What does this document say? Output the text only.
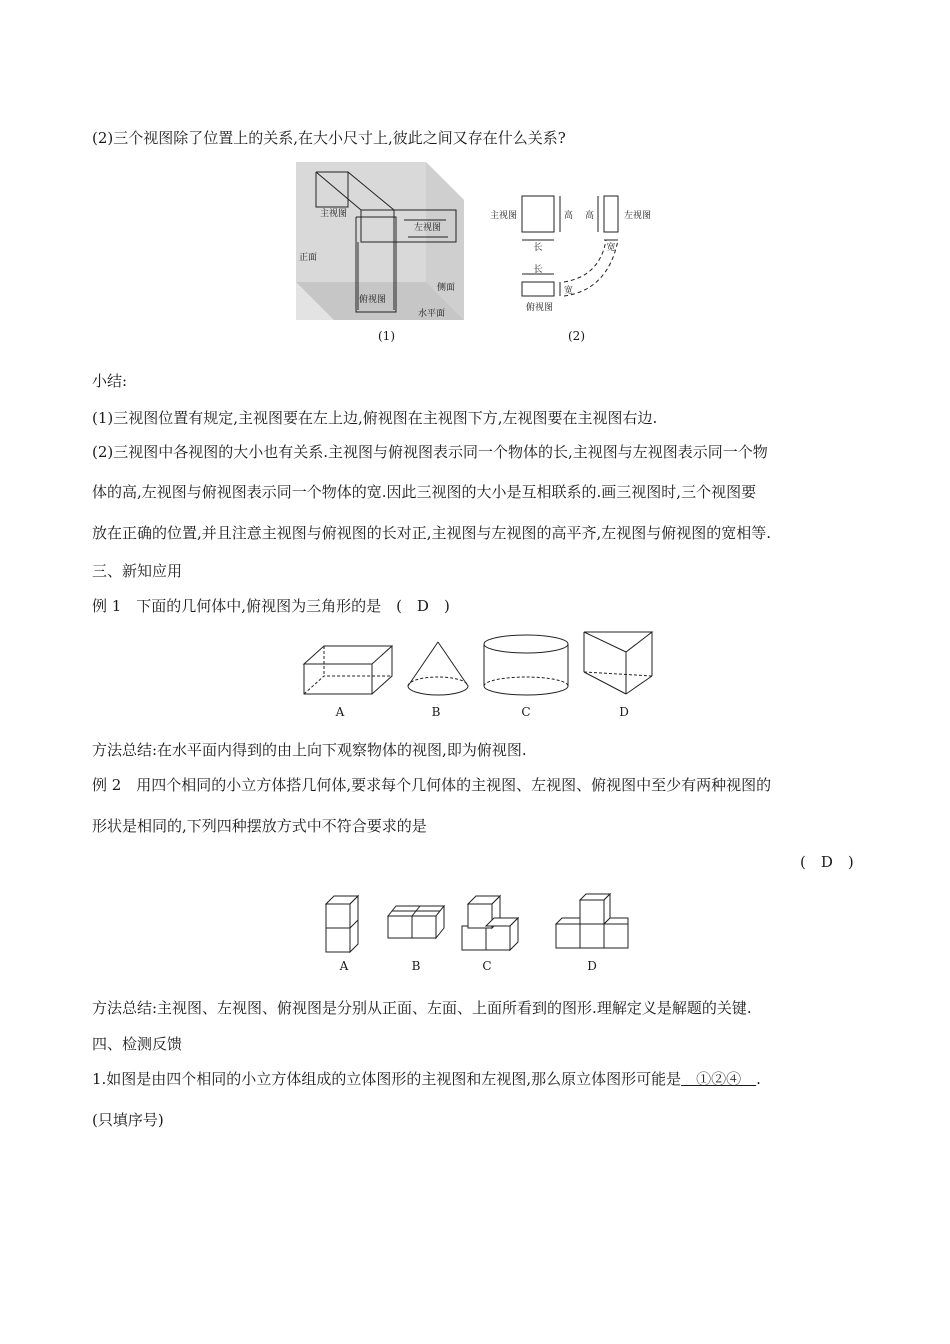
(2)三个视图除了位置上的关系,在大小尺寸上,彼此之间又存在什么关系?
主视图
左视图
正面
侧面
俯视图
水平面
(1)
主视图	高 高	左视图
长	宽
长
宽
俯视图
(2)
小结:
(1)三视图位置有规定,主视图要在左上边,俯视图在主视图下方,左视图要在主视图右边.
(2)三视图中各视图的大小也有关系.主视图与俯视图表示同一个物体的长,主视图与左视图表示同一个物
体的高,左视图与俯视图表示同一个物体的宽.因此三视图的大小是互相联系的.画三视图时,三个视图要
放在正确的位置,并且注意主视图与俯视图的长对正,主视图与左视图的高平齐,左视图与俯视图的宽相等.
三、新知应用
例 1　下面的几何体中,俯视图为三角形的是　(　D　)
A	B	C	D
方法总结:在水平面内得到的由上向下观察物体的视图,即为俯视图.
例 2　用四个相同的小立方体搭几何体,要求每个几何体的主视图、左视图、俯视图中至少有两种视图的
形状是相同的,下列四种摆放方式中不符合要求的是
(　D　)
A	B	C	D
方法总结:主视图、左视图、俯视图是分别从正面、左面、上面所看到的图形.理解定义是解题的关键.
四、检测反馈
1.如图是由四个相同的小立方体组成的立体图形的主视图和左视图,那么原立体图形可能是　①②④　.
(只填序号)
